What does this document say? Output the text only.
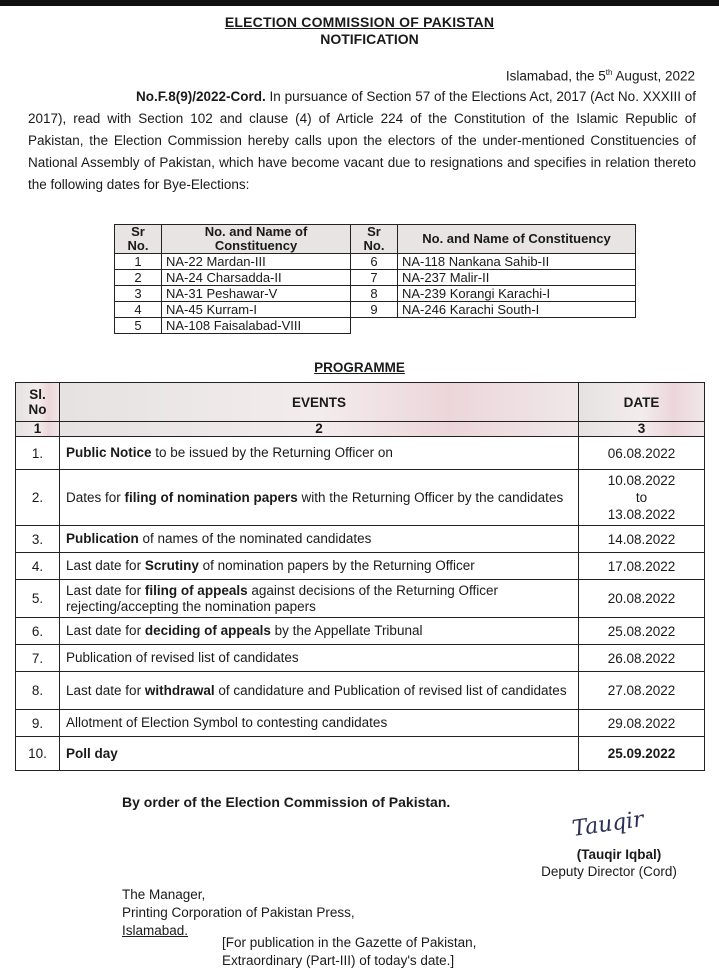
ELECTION COMMISSION OF PAKISTAN
NOTIFICATION
Islamabad, the 5th August, 2022
No.F.8(9)/2022-Cord. In pursuance of Section 57 of the Elections Act, 2017 (Act No. XXXIII of 2017), read with Section 102 and clause (4) of Article 224 of the Constitution of the Islamic Republic of Pakistan, the Election Commission hereby calls upon the electors of the under-mentioned Constituencies of National Assembly of Pakistan, which have become vacant due to resignations and specifies in relation thereto the following dates for Bye-Elections:
Sr No.	No. and Name of Constituency	Sr No.	No. and Name of Constituency
1	NA-22 Mardan-III	6	NA-118 Nankana Sahib-II
2	NA-24 Charsadda-II	7	NA-237 Malir-II
3	NA-31 Peshawar-V	8	NA-239 Korangi Karachi-I
4	NA-45 Kurram-I	9	NA-246 Karachi South-I
5	NA-108 Faisalabad-VIII		
PROGRAMME
Sl. No	EVENTS	DATE
1	2	3
1.	Public Notice to be issued by the Returning Officer on	06.08.2022
2.	Dates for filing of nomination papers with the Returning Officer by the candidates	10.08.2022
to
13.08.2022

3.	Publication of names of the nominated candidates	14.08.2022
4.	Last date for Scrutiny of nomination papers by the Returning Officer	17.08.2022
5.	Last date for filing of appeals against decisions of the Returning Officer rejecting/accepting the nomination papers	20.08.2022
6.	Last date for deciding of appeals by the Appellate Tribunal	25.08.2022
7.	Publication of revised list of candidates	26.08.2022
8.	Last date for withdrawal of candidature and Publication of revised list of candidates	27.08.2022
9.	Allotment of Election Symbol to contesting candidates	29.08.2022
10.	Poll day	25.09.2022
By order of the Election Commission of Pakistan.
Tauqir
(Tauqir Iqbal)
Deputy Director (Cord)
The Manager,
Printing Corporation of Pakistan Press,
Islamabad.
[For publication in the Gazette of Pakistan,
Extraordinary (Part-III) of today's date.]
